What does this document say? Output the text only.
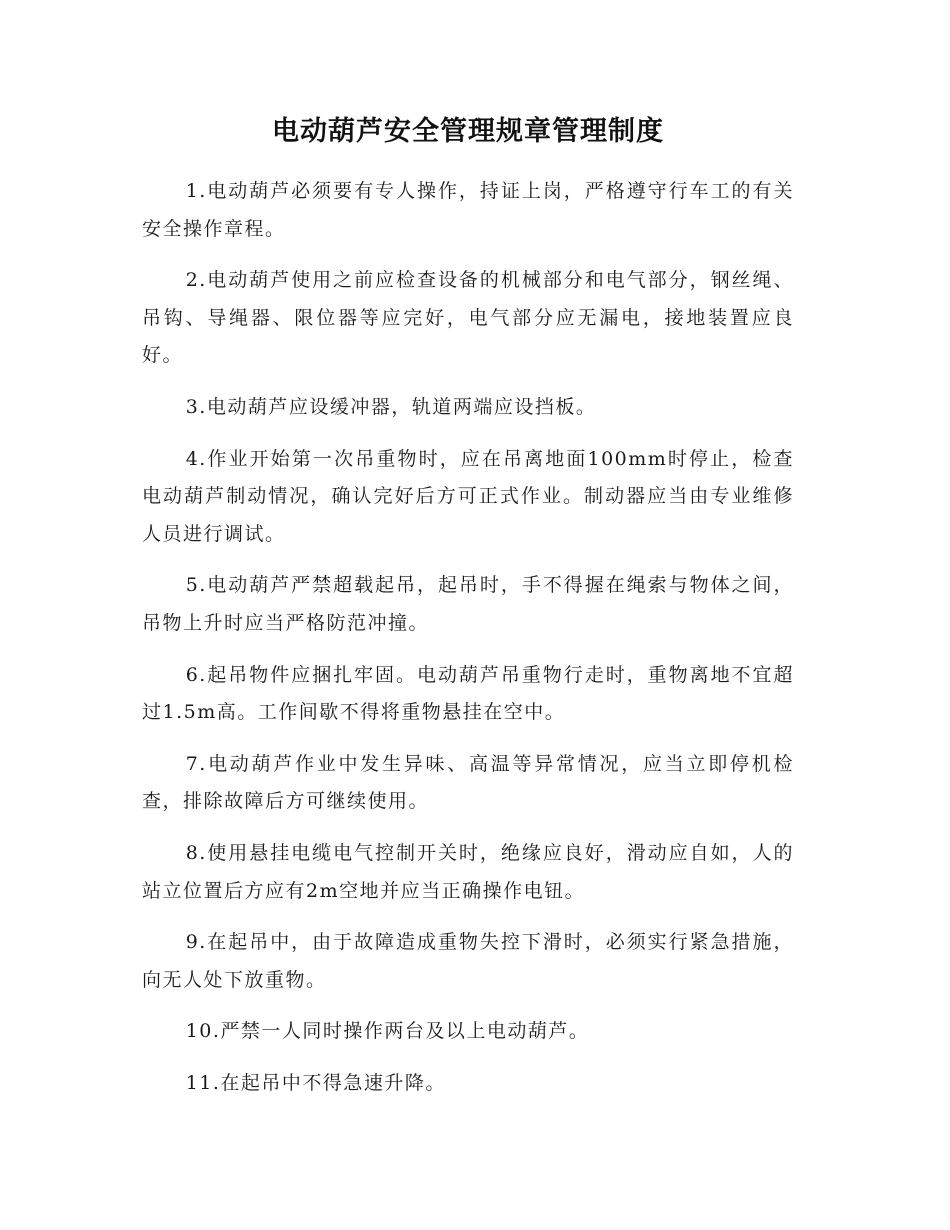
电动葫芦安全管理规章管理制度

1.电动葫芦必须要有专人操作，持证上岗，严格遵守行车工的有关安全操作章程。

2.电动葫芦使用之前应检查设备的机械部分和电气部分，钢丝绳、吊钩、导绳器、限位器等应完好，电气部分应无漏电，接地装置应良好。

3.电动葫芦应设缓冲器，轨道两端应设挡板。

4.作业开始第一次吊重物时，应在吊离地面100mm时停止，检查电动葫芦制动情况，确认完好后方可正式作业。制动器应当由专业维修人员进行调试。

5.电动葫芦严禁超载起吊，起吊时，手不得握在绳索与物体之间，吊物上升时应当严格防范冲撞。

6.起吊物件应捆扎牢固。电动葫芦吊重物行走时，重物离地不宜超过1.5m高。工作间歇不得将重物悬挂在空中。

7.电动葫芦作业中发生异味、高温等异常情况，应当立即停机检查，排除故障后方可继续使用。

8.使用悬挂电缆电气控制开关时，绝缘应良好，滑动应自如，人的站立位置后方应有2m空地并应当正确操作电钮。

9.在起吊中，由于故障造成重物失控下滑时，必须实行紧急措施，向无人处下放重物。

10.严禁一人同时操作两台及以上电动葫芦。

11.在起吊中不得急速升降。
